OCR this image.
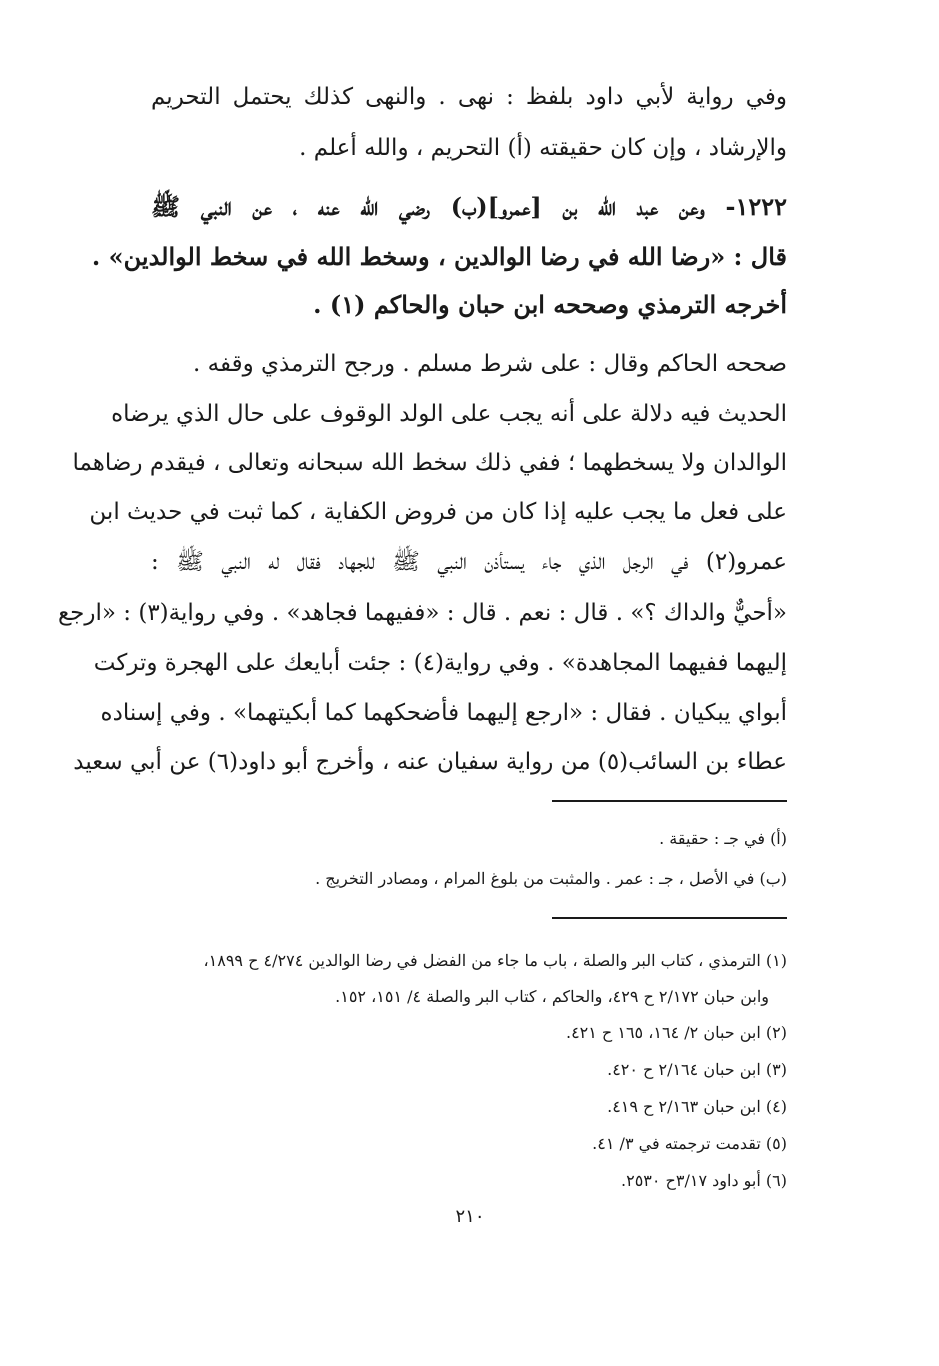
وفي رواية لأبي داود بلفظ : نهى . والنهى كذلك يحتمل التحريم
والإرشاد ، وإن كان حقيقته (أ) التحريم ، والله أعلم .
١٢٢٢- وعن عبد الله بن [عمرو](ب) رضي الله عنه ، عن النبي ﷺ
قال : «رضا الله في رضا الوالدين ، وسخط الله في سخط الوالدين» .
أخرجه الترمذي وصححه ابن حبان والحاكم (١) .
صححه الحاكم وقال : على شرط مسلم . ورجح الترمذي وقفه .
الحديث فيه دلالة على أنه يجب على الولد الوقوف على حال الذي يرضاه
الوالدان ولا يسخطهما ؛ ففي ذلك سخط الله سبحانه وتعالى ، فيقدم رضاهما
على فعل ما يجب عليه إذا كان من فروض الكفاية ، كما ثبت في حديث ابن
عمرو(٢) في الرجل الذي جاء يستأذن النبي ﷺ للجهاد فقال له النبي ﷺ :
«أحيٌّ والداك ؟» . قال : نعم . قال : «ففيهما فجاهد» . وفي رواية(٣) : «ارجع
إليهما ففيهما المجاهدة» . وفي رواية(٤) : جئت أبايعك على الهجرة وتركت
أبواي يبكيان . فقال : «ارجع إليهما فأضحكهما كما أبكيتهما» . وفي إسناده
عطاء بن السائب(٥) من رواية سفيان عنه ، وأخرج أبو داود(٦) عن أبي سعيد
(أ) في جـ : حقيقة .
(ب) في الأصل ، جـ : عمر . والمثبت من بلوغ المرام ، ومصادر التخريج .
(١) الترمذي ، كتاب البر والصلة ، باب ما جاء من الفضل في رضا الوالدين ٤/٢٧٤ ح ١٨٩٩،
وابن حبان ٢/١٧٢ ح ٤٢٩، والحاكم ، كتاب البر والصلة ٤/ ١٥١، ١٥٢.
(٢) ابن حبان ٢/ ١٦٤، ١٦٥ ح ٤٢١.
(٣) ابن حبان ٢/١٦٤ ح ٤٢٠.
(٤) ابن حبان ٢/١٦٣ ح ٤١٩.
(٥) تقدمت ترجمته في ٣/ ٤١.
(٦) أبو داود ٣/١٧ح ٢٥٣٠.
٢١٠
